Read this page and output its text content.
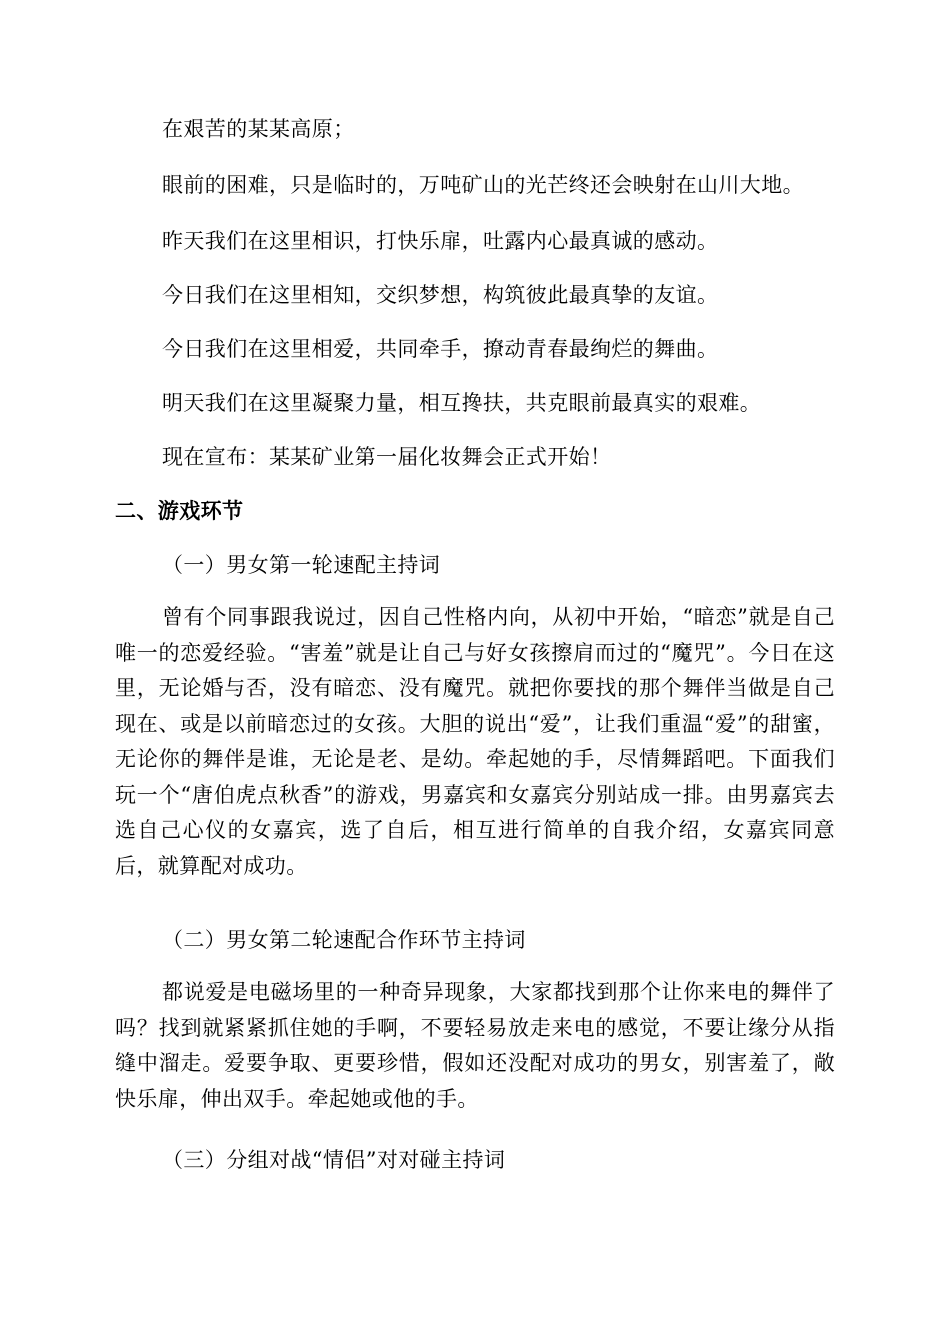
在艰苦的某某高原；
眼前的困难，只是临时的，万吨矿山的光芒终还会映射在山川大地。
昨天我们在这里相识，打快乐扉，吐露内心最真诚的感动。
今日我们在这里相知，交织梦想，构筑彼此最真挚的友谊。
今日我们在这里相爱，共同牵手，撩动青春最绚烂的舞曲。
明天我们在这里凝聚力量，相互搀扶，共克眼前最真实的艰难。
现在宣布：某某矿业第一届化妆舞会正式开始！
二、游戏环节
（一）男女第一轮速配主持词
曾有个同事跟我说过，因自己性格内向，从初中开始，“暗恋”就是自己唯一的恋爱经验。“害羞”就是让自己与好女孩擦肩而过的“魔咒”。今日在这里，无论婚与否，没有暗恋、没有魔咒。就把你要找的那个舞伴当做是自己现在、或是以前暗恋过的女孩。大胆的说出“爱”，让我们重温“爱”的甜蜜，无论你的舞伴是谁，无论是老、是幼。牵起她的手，尽情舞蹈吧。下面我们玩一个“唐伯虎点秋香”的游戏，男嘉宾和女嘉宾分别站成一排。由男嘉宾去选自己心仪的女嘉宾，选了自后，相互进行简单的自我介绍，女嘉宾同意后，就算配对成功。
（二）男女第二轮速配合作环节主持词
都说爱是电磁场里的一种奇异现象，大家都找到那个让你来电的舞伴了吗？找到就紧紧抓住她的手啊，不要轻易放走来电的感觉，不要让缘分从指缝中溜走。爱要争取、更要珍惜，假如还没配对成功的男女，别害羞了，敞快乐扉，伸出双手。牵起她或他的手。
（三）分组对战“情侣”对对碰主持词
